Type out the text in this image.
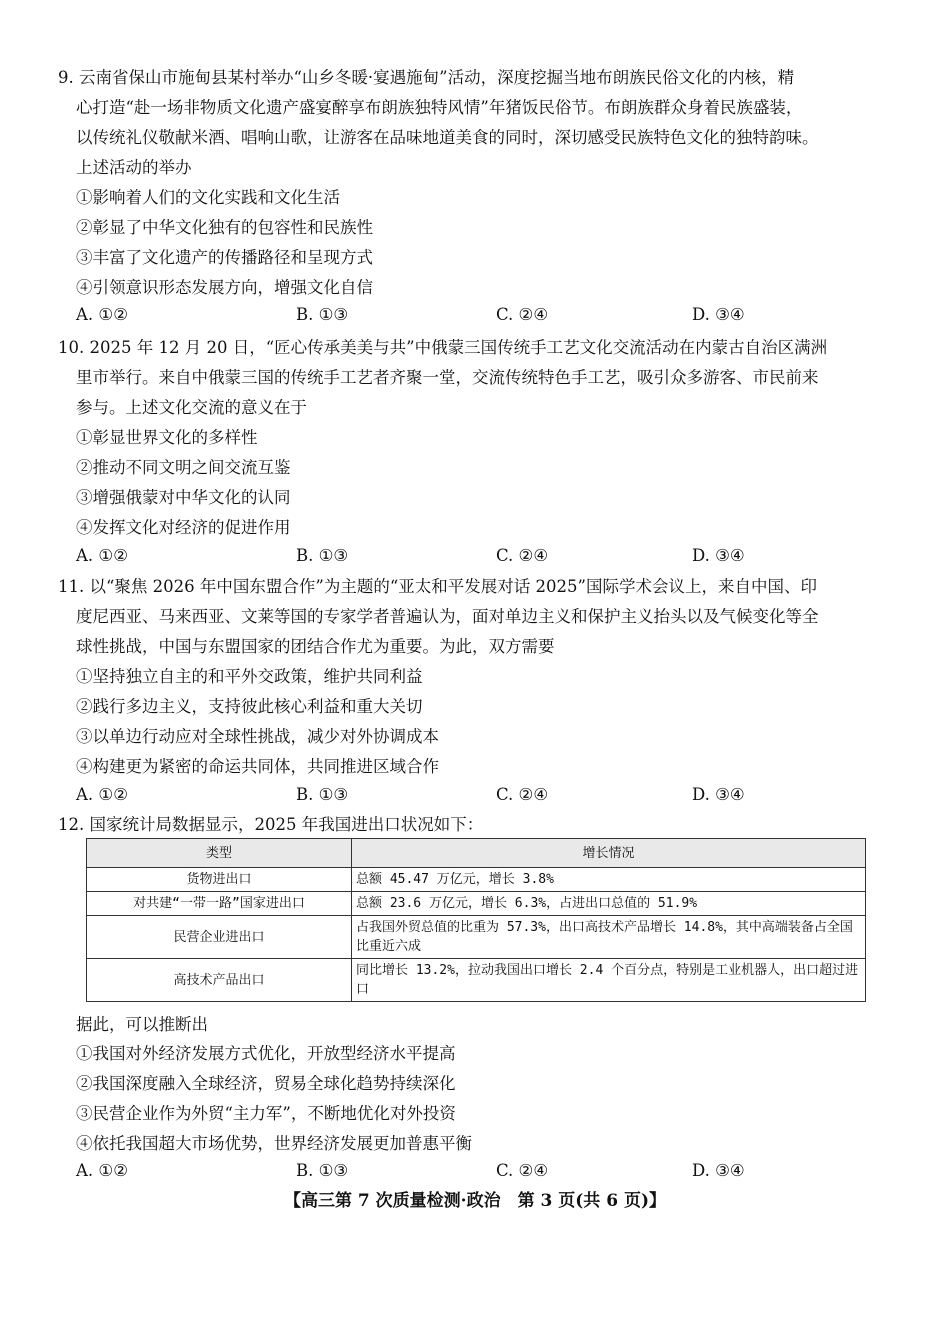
9. 云南省保山市施甸县某村举办“山乡冬暖·宴遇施甸”活动，深度挖掘当地布朗族民俗文化的内核，精
心打造“赴一场非物质文化遗产盛宴醉享布朗族独特风情”年猪饭民俗节。布朗族群众身着民族盛装，
以传统礼仪敬献米酒、唱响山歌，让游客在品味地道美食的同时，深切感受民族特色文化的独特韵味。
上述活动的举办
①影响着人们的文化实践和文化生活
②彰显了中华文化独有的包容性和民族性
③丰富了文化遗产的传播路径和呈现方式
④引领意识形态发展方向，增强文化自信
A. ①②	B. ①③	C. ②④	D. ③④
10. 2025 年 12 月 20 日，“匠心传承美美与共”中俄蒙三国传统手工艺文化交流活动在内蒙古自治区满洲
里市举行。来自中俄蒙三国的传统手工艺者齐聚一堂，交流传统特色手工艺，吸引众多游客、市民前来
参与。上述文化交流的意义在于
①彰显世界文化的多样性
②推动不同文明之间交流互鉴
③增强俄蒙对中华文化的认同
④发挥文化对经济的促进作用
A. ①②	B. ①③	C. ②④	D. ③④
11. 以“聚焦 2026 年中国东盟合作”为主题的“亚太和平发展对话 2025”国际学术会议上，来自中国、印
度尼西亚、马来西亚、文莱等国的专家学者普遍认为，面对单边主义和保护主义抬头以及气候变化等全
球性挑战，中国与东盟国家的团结合作尤为重要。为此，双方需要
①坚持独立自主的和平外交政策，维护共同利益
②践行多边主义，支持彼此核心利益和重大关切
③以单边行动应对全球性挑战，减少对外协调成本
④构建更为紧密的命运共同体，共同推进区域合作
A. ①②	B. ①③	C. ②④	D. ③④
12. 国家统计局数据显示，2025 年我国进出口状况如下：
类型	增长情况
货物进出口	总额 45.47 万亿元，增长 3.8%
对共建“一带一路”国家进出口	总额 23.6 万亿元，增长 6.3%，占进出口总值的 51.9%
民营企业进出口	占我国外贸总值的比重为 57.3%，出口高技术产品增长 14.8%，其中高端装备占全国比重近六成
高技术产品出口	同比增长 13.2%，拉动我国出口增长 2.4 个百分点，特别是工业机器人，出口超过进口
据此，可以推断出
①我国对外经济发展方式优化，开放型经济水平提高
②我国深度融入全球经济，贸易全球化趋势持续深化
③民营企业作为外贸“主力军”，不断地优化对外投资
④依托我国超大市场优势，世界经济发展更加普惠平衡
A. ①②	B. ①③	C. ②④	D. ③④
【高三第 7 次质量检测·政治　第 3 页(共 6 页)】
